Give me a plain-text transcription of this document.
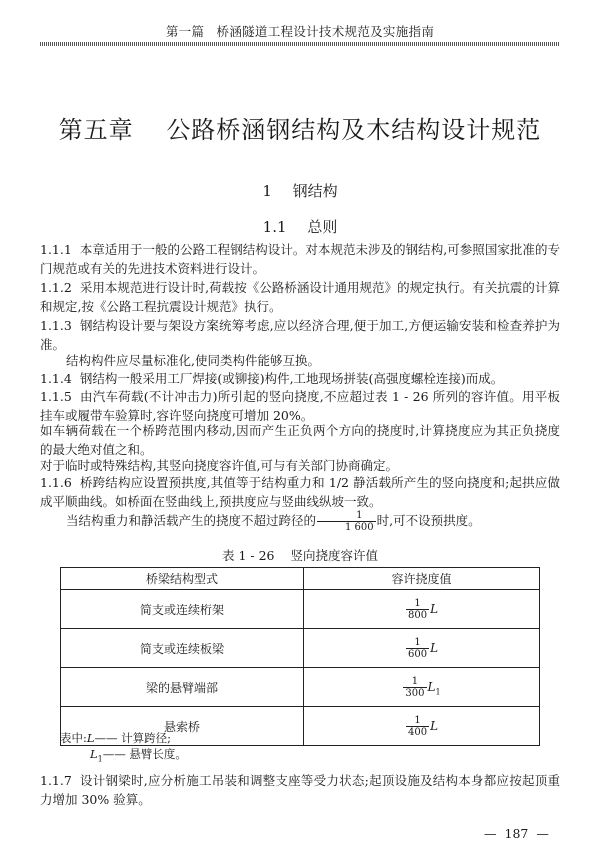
第一篇 桥涵隧道工程设计技术规范及实施指南
第五章 公路桥涵钢结构及木结构设计规范
1 钢结构
1.1 总则
1.1.1 本章适用于一般的公路工程钢结构设计。对本规范未涉及的钢结构,可参照国家批准的专门规范或有关的先进技术资料进行设计。
1.1.2 采用本规范进行设计时,荷载按《公路桥涵设计通用规范》的规定执行。有关抗震的计算和规定,按《公路工程抗震设计规范》执行。
1.1.3 钢结构设计要与架设方案统筹考虑,应以经济合理,便于加工,方便运输安装和检查养护为准。
结构构件应尽量标准化,使同类构件能够互换。
1.1.4 钢结构一般采用工厂焊接(或铆接)构件,工地现场拼装(高强度螺栓连接)而成。
1.1.5 由汽车荷载(不计冲击力)所引起的竖向挠度,不应超过表 1 - 26 所列的容许值。用平板挂车或履带车验算时,容许竖向挠度可增加 20%。
如车辆荷载在一个桥跨范围内移动,因而产生正负两个方向的挠度时,计算挠度应为其正负挠度的最大绝对值之和。
对于临时或特殊结构,其竖向挠度容许值,可与有关部门协商确定。
1.1.6 桥跨结构应设置预拱度,其值等于结构重力和 1/2 静活载所产生的竖向挠度和;起拱应做成平顺曲线。如桥面在竖曲线上,预拱度应与竖曲线纵坡一致。
当结构重力和静活载产生的挠度不超过跨径的 $\frac{1}{1 600}$ 时,可不设预拱度。
表 1 - 26 竖向挠度容许值
桥梁结构型式	容许挠度值
简支或连续桁架	$\frac{1}{800}$ L
简支或连续板梁	$\frac{1}{600}$ L
梁的悬臂端部	$\frac{1}{300} L_1$
悬索桥	$\frac{1}{400}$ L
表中:L—— 计算跨径;
$L_1——$ 悬臂长度。
1.1.7 设计钢梁时,应分析施工吊装和调整支座等受力状态;起顶设施及结构本身都应按起顶重力增加 30% 验算。
— 187 —
